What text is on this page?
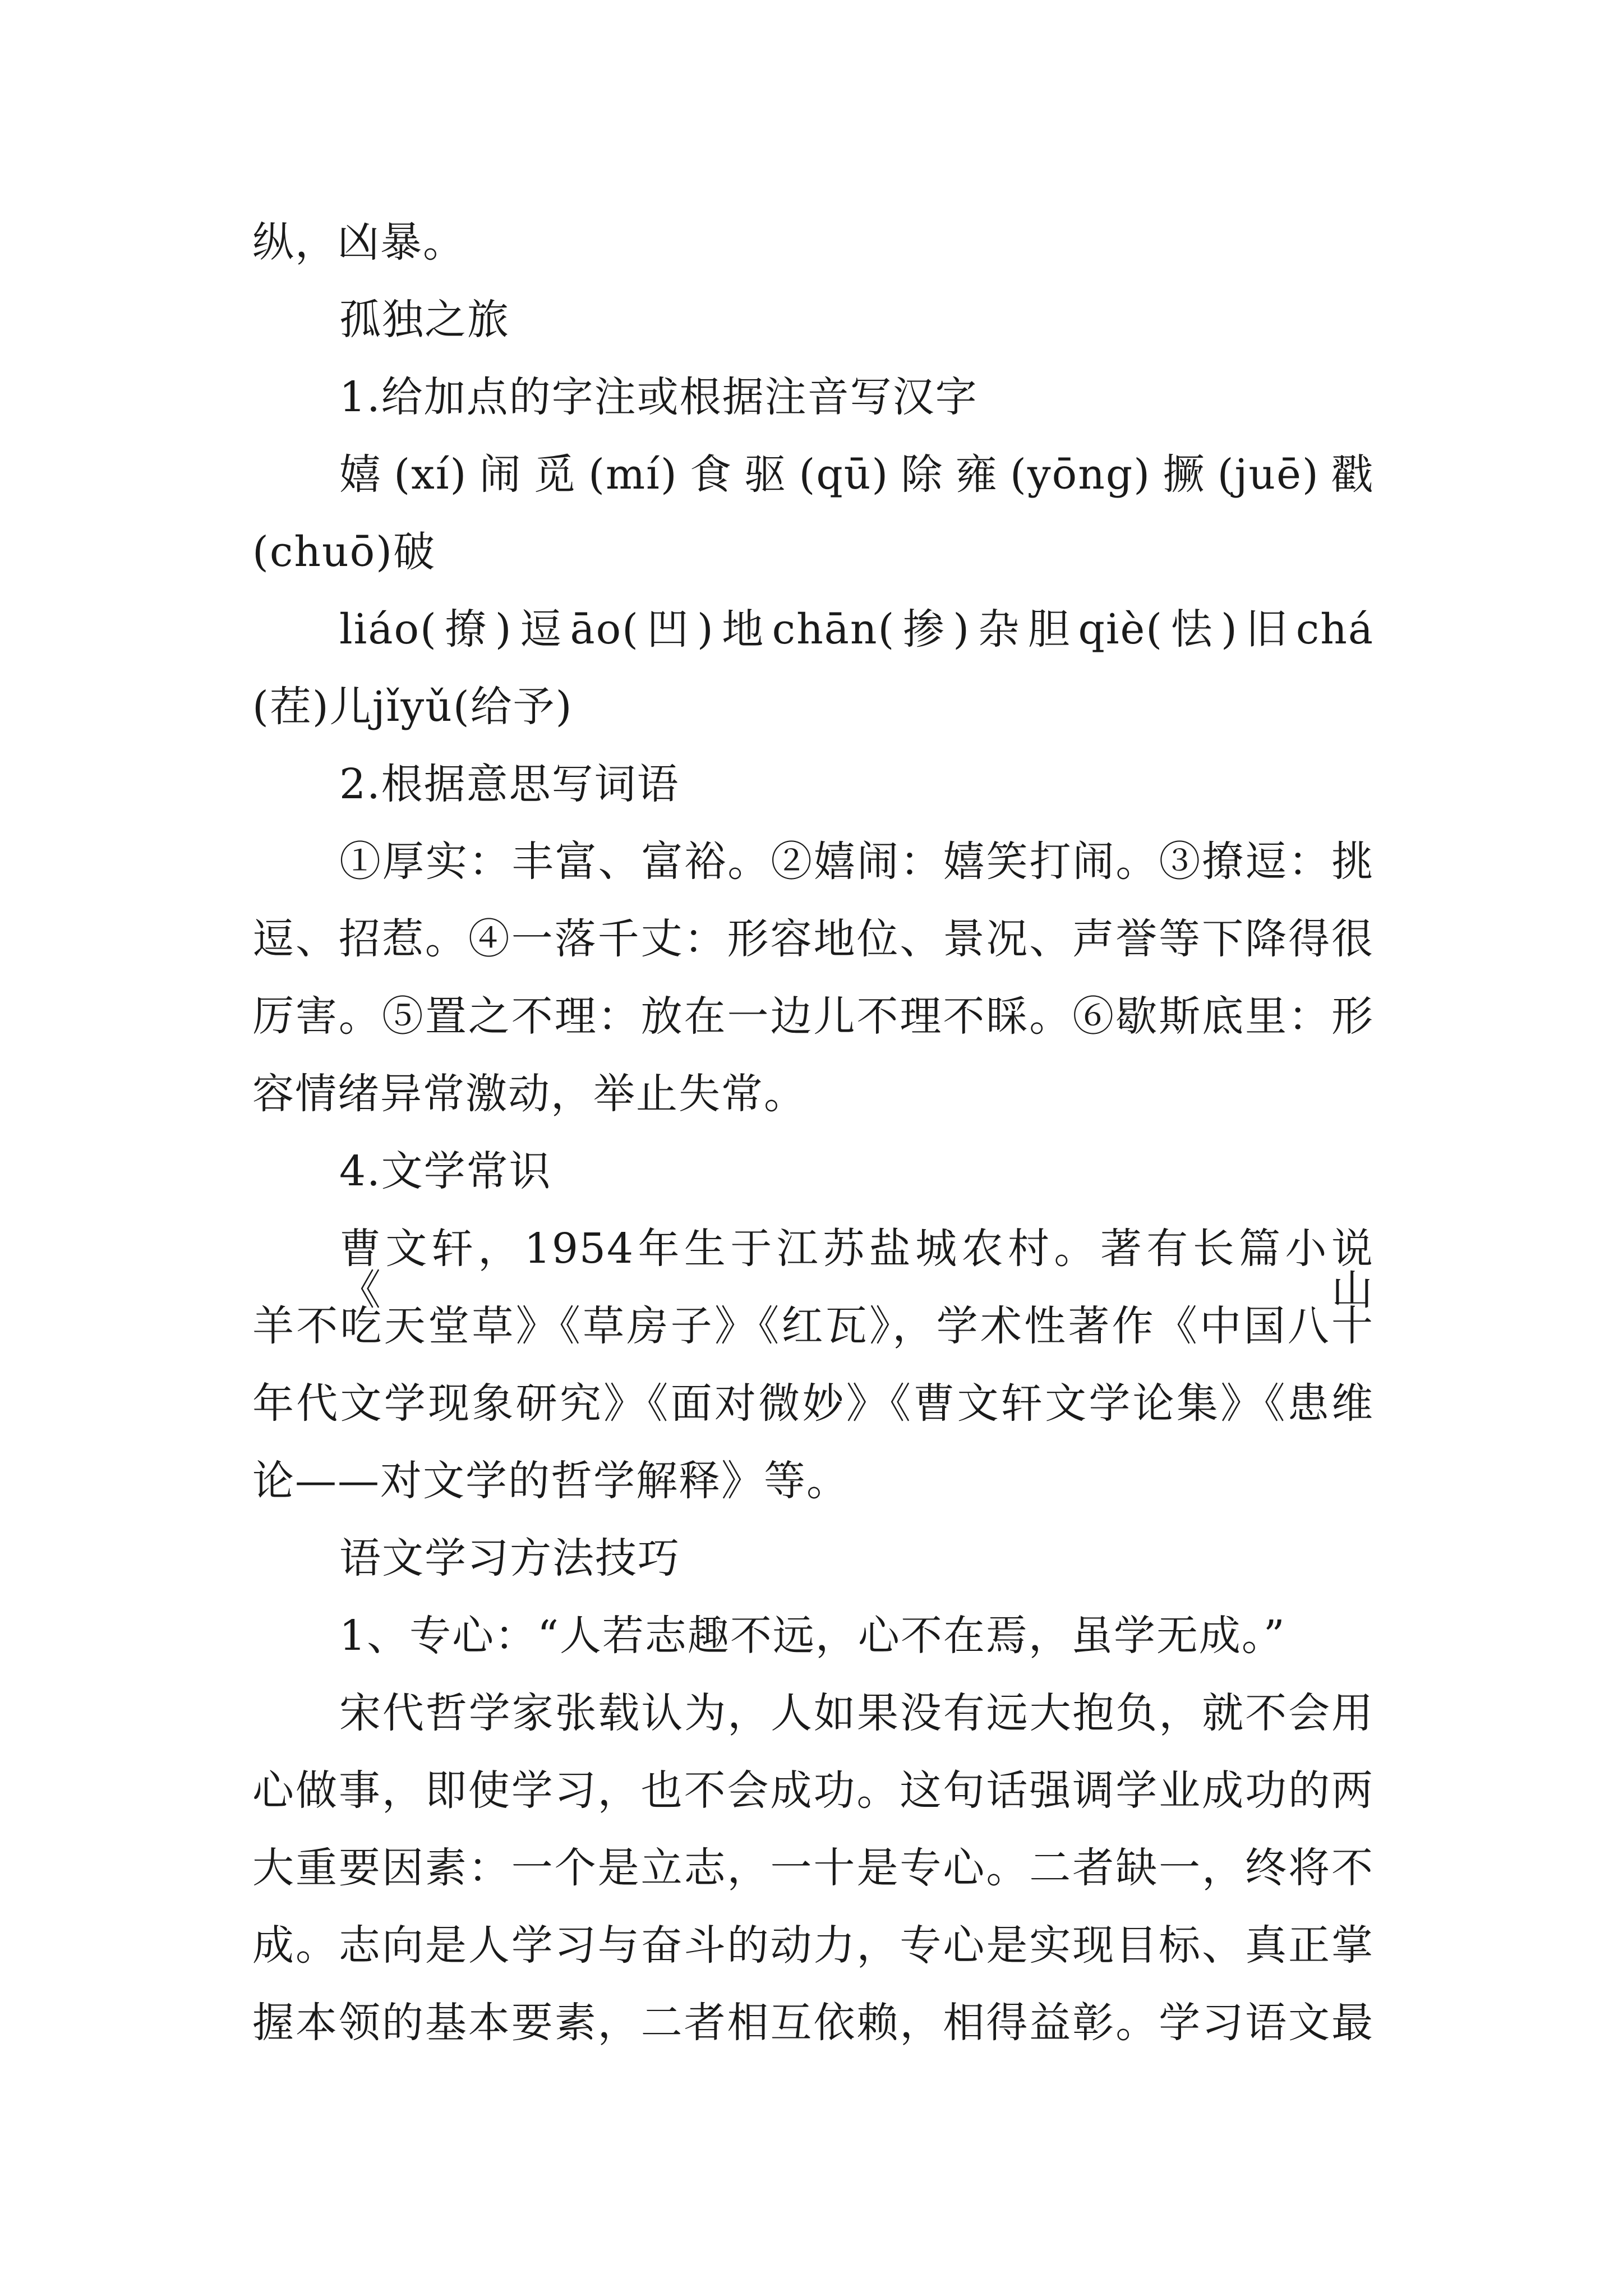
纵，凶暴。
孤独之旅
1.给加点的字注或根据注音写汉字
嬉(xí)闹觅(mí)食驱(qū)除雍(yōng)撅(juē)戳
(chuō)破
liáo(撩)逗āo(凹)地chān(掺)杂胆qiè(怯)旧chá
(茬)儿jǐyǔ(给予)
2.根据意思写词语
①厚实：丰富、富裕。②嬉闹：嬉笑打闹。③撩逗：挑
逗、招惹。④一落千丈：形容地位、景况、声誉等下降得很
厉害。⑤置之不理：放在一边儿不理不睬。⑥歇斯底里：形
容情绪异常激动，举止失常。
4.文学常识
曹文轩，1954年生于江苏盐城农村。著有长篇小说《山
羊不吃天堂草》《草房子》《红瓦》，学术性著作《中国八十
年代文学现象研究》《面对微妙》《曹文轩文学论集》《患维
论——对文学的哲学解释》等。
语文学习方法技巧
1、专心：“人若志趣不远，心不在焉，虽学无成。”
宋代哲学家张载认为，人如果没有远大抱负，就不会用
心做事，即使学习，也不会成功。这句话强调学业成功的两
大重要因素：一个是立志，一十是专心。二者缺一，终将不
成。志向是人学习与奋斗的动力，专心是实现目标、真正掌
握本领的基本要素，二者相互依赖，相得益彰。学习语文最
